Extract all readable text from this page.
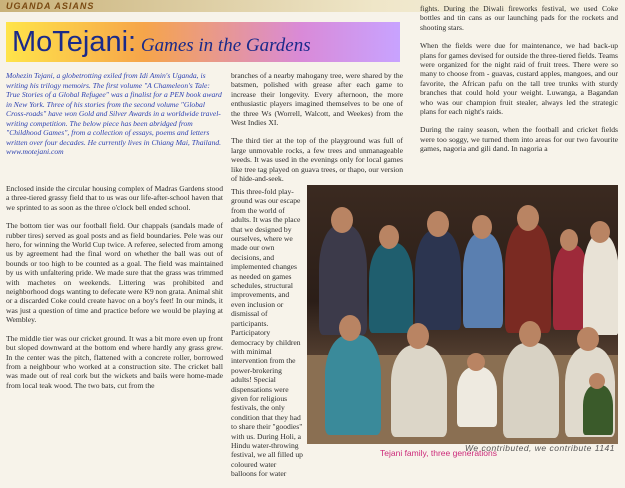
UGANDA ASIANS
MoTejani: Games in the Gardens
Mohezin Tejani, a globetrotting exiled from Idi Amin's Uganda, is writing his trilogy memoirs. The first volume "A Chameleon's Tale: True Stories of a Global Refugee" was a finalist for a PEN book award in New York. Three of his stories from the second volume "Global Cross-roads" have won Gold and Silver Awards in a worldwide travel-writing competition. The below piece has been abridged from "Childhood Games", from a collection of essays, poems and letters written over four decades. He currently lives in Chiang Mai, Thailand. www.motejani.com

Enclosed inside the circular housing complex of Madras Gardens stood a three-tiered grassy field that to us was our life-after-school haven that we sprinted to as soon as the three o'clock bell ended school.

The bottom tier was our football field. Our chappals (sandals made of rubber tires) served as goal posts and as field boundaries. Pele was our hero, for winning the World Cup twice. A referee, selected from among us by agreement had the final word on whether the ball was out of bounds or too high to be counted as a goal. The field was maintained by us with unfaltering pride. We made sure that the grass was trimmed with machetes on weekends. Littering was prohibited and neighborhood dogs wanting to defecate were K9 non grata. Animal shit or a discarded Coke could create havoc on a boy's feet! In our minds, it was just a question of time and practice before we would be playing at Wembley.

The middle tier was our cricket ground. It was a bit more even up front but sloped downward at the bottom end where hardly any grass grew. In the center was the pitch, flattened with a concrete roller, borrowed from a neighbour who worked at a construction site. The cricket ball was made out of real cork but the wickets and bails were home-made from local teak wood. The two bats, cut from the

branches of a nearby mahogany tree, were shared by the batsmen, polished with grease after each game to increase their longevity. Every afternoon, the more enthusiastic players imagined themselves to be one of the three Ws (Worrell, Walcott, and Weekes) from the West Indies XI.

The third tier at the top of the playground was full of large unmovable rocks, a few trees and unmanageable weeds. It was used in the evenings only for local games like tree tag played on guava trees, or thapo, our version of hide-and-seek.

This three-fold play-ground was our escape from the world of adults. It was the place that we designed by ourselves, where we made our own decisions, and implemented changes as needed on games schedules, structural improvements, and even inclusion or dismissal of participants. Participatory democracy by children with minimal intervention from the power-brokering adults! Special dispensations were given for religious festivals, the only condition that they had to share their "goodies" with us. During Holi, a Hindu water-throwing festival, we all filled up coloured water balloons for water

fights. During the Diwali fireworks festival, we used Coke bottles and tin cans as our launching pads for the rockets and shooting stars.

When the fields were due for maintenance, we had back-up plans for games devised for outside the three-tiered fields. Teams were organized for the night raid of fruit trees. There were so many to choose from - guavas, custard apples, mangoes, and our favorite, the African pafu on the tall tree trunks with sturdy branches that could hold your weight. Luwanga, a Bagandan who was our champion fruit stealer, always led the strategic plans for each night's raids.

During the rainy season, when the football and cricket fields were too soggy, we turned them into areas for our two favourite games, nagoria and gili dand. In nagoria a

Tejani family, three generations
We contributed, we contribute 1141
